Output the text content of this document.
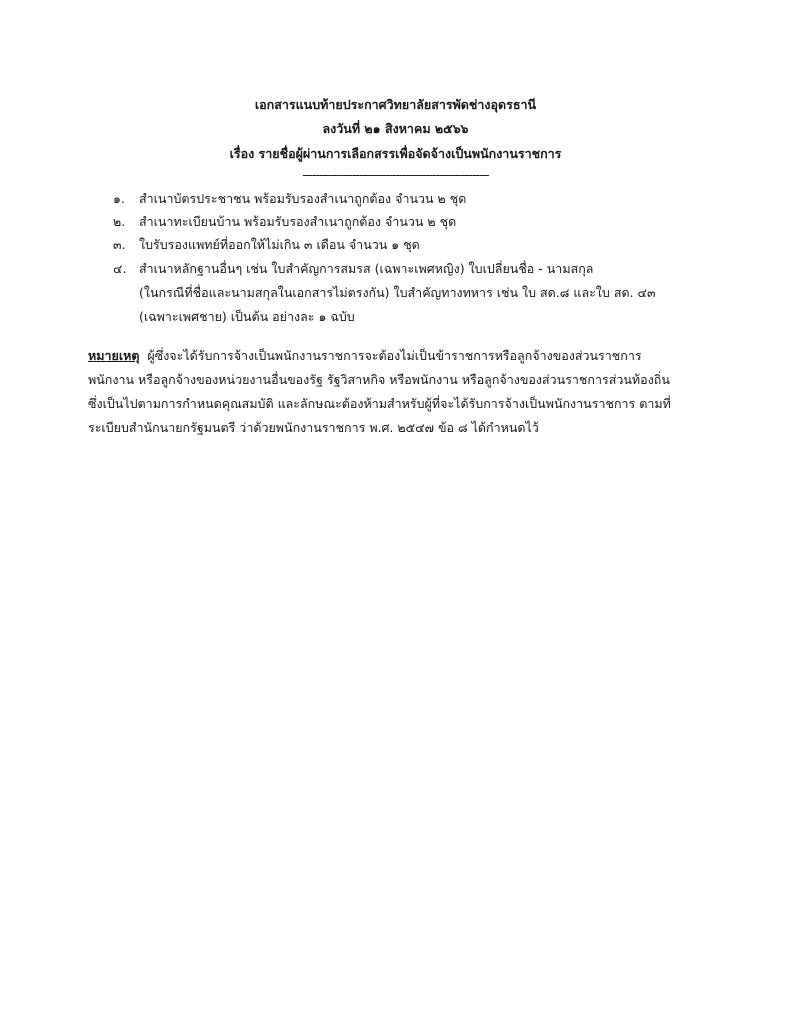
เอกสารแนบท้ายประกาศวิทยาลัยสารพัดช่างอุดรธานี
ลงวันที่ ๒๑ สิงหาคม ๒๕๖๖
เรื่อง รายชื่อผู้ผ่านการเลือกสรรเพื่อจัดจ้างเป็นพนักงานราชการ
--------------------------------------------------------
๑. สำเนาบัตรประชาชน พร้อมรับรองสำเนาถูกต้อง จำนวน ๒ ชุด
๒. สำเนาทะเบียนบ้าน พร้อมรับรองสำเนาถูกต้อง จำนวน ๒ ชุด
๓. ใบรับรองแพทย์ที่ออกให้ไม่เกิน ๓ เดือน จำนวน ๑ ชุด
๔. สำเนาหลักฐานอื่นๆ เช่น ใบสำคัญการสมรส (เฉพาะเพศหญิง) ใบเปลี่ยนชื่อ - นามสกุล
(ในกรณีที่ชื่อและนามสกุลในเอกสารไม่ตรงกัน) ใบสำคัญทางทหาร เช่น ใบ สด.๘ และใบ สด. ๔๓
(เฉพาะเพศชาย) เป็นต้น อย่างละ ๑ ฉบับ
หมายเหตุ  ผู้ซึ่งจะได้รับการจ้างเป็นพนักงานราชการจะต้องไม่เป็นข้าราชการหรือลูกจ้างของส่วนราชการ
พนักงาน หรือลูกจ้างของหน่วยงานอื่นของรัฐ รัฐวิสาหกิจ หรือพนักงาน หรือลูกจ้างของส่วนราชการส่วนท้องถิ่น
ซึ่งเป็นไปตามการกำหนดคุณสมบัติ และลักษณะต้องห้ามสำหรับผู้ที่จะได้รับการจ้างเป็นพนักงานราชการ ตามที่
ระเบียบสำนักนายกรัฐมนตรี ว่าด้วยพนักงานราชการ พ.ศ. ๒๕๔๗ ข้อ ๘ ได้กำหนดไว้
